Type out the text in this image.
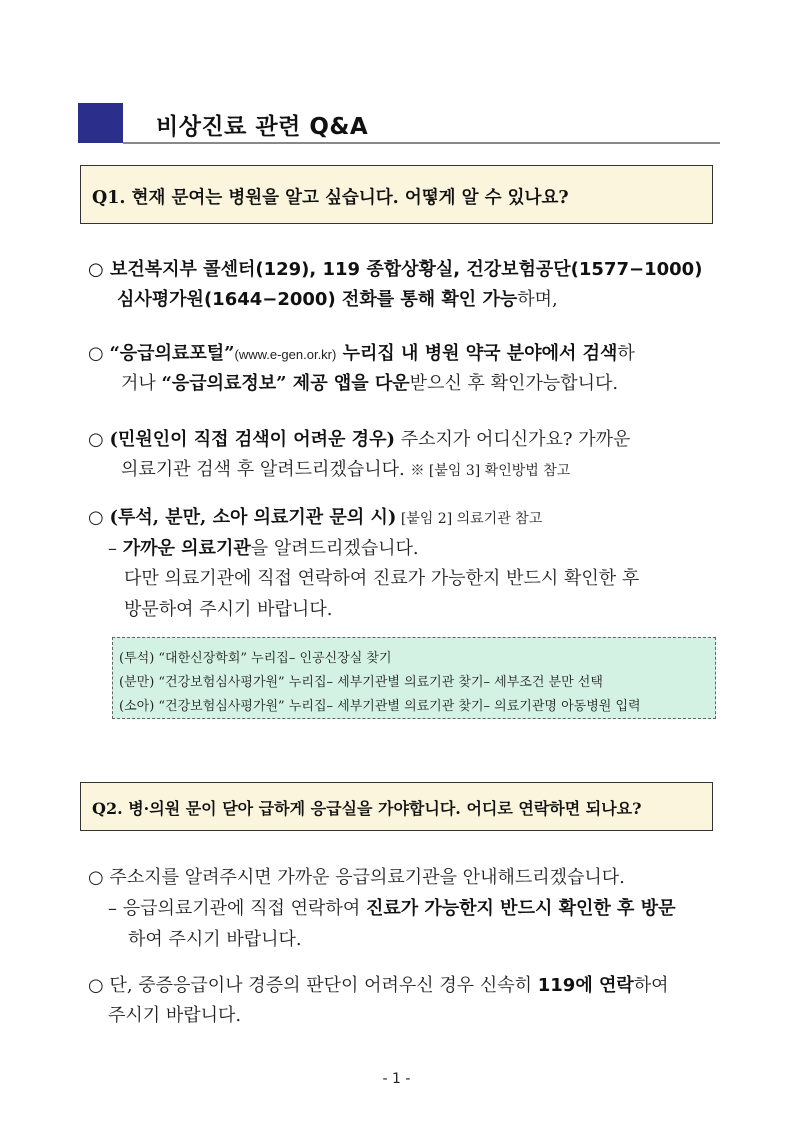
비상진료 관련 Q&A
Q1. 현재 문여는 병원을 알고 싶습니다. 어떻게 알 수 있나요?
○ 보건복지부 콜센터(129), 119 종합상황실, 건강보험공단(1577−1000)
심사평가원(1644−2000) 전화를 통해 확인 가능하며,
○ “응급의료포털”(www.e-gen.or.kr) 누리집 내 병원 약국 분야에서 검색하
거나 “응급의료정보” 제공 앱을 다운받으신 후 확인가능합니다.
○ (민원인이 직접 검색이 어려운 경우) 주소지가 어디신가요? 가까운
의료기관 검색 후 알려드리겠습니다. ※ [붙임 3] 확인방법 참고
○ (투석, 분만, 소아 의료기관 문의 시) [붙임 2] 의료기관 참고
– 가까운 의료기관을 알려드리겠습니다.
다만 의료기관에 직접 연락하여 진료가 가능한지 반드시 확인한 후
방문하여 주시기 바랍니다.
(투석) “대한신장학회” 누리집– 인공신장실 찾기
(분만) “건강보험심사평가원” 누리집– 세부기관별 의료기관 찾기– 세부조건 분만 선택
(소아) “건강보험심사평가원” 누리집– 세부기관별 의료기관 찾기– 의료기관명 아동병원 입력
Q2. 병·의원 문이 닫아 급하게 응급실을 가야합니다. 어디로 연락하면 되나요?
○ 주소지를 알려주시면 가까운 응급의료기관을 안내해드리겠습니다.
– 응급의료기관에 직접 연락하여 진료가 가능한지 반드시 확인한 후 방문
하여 주시기 바랍니다.
○ 단, 중증응급이나 경증의 판단이 어려우신 경우 신속히 119에 연락하여
주시기 바랍니다.
- 1 -
